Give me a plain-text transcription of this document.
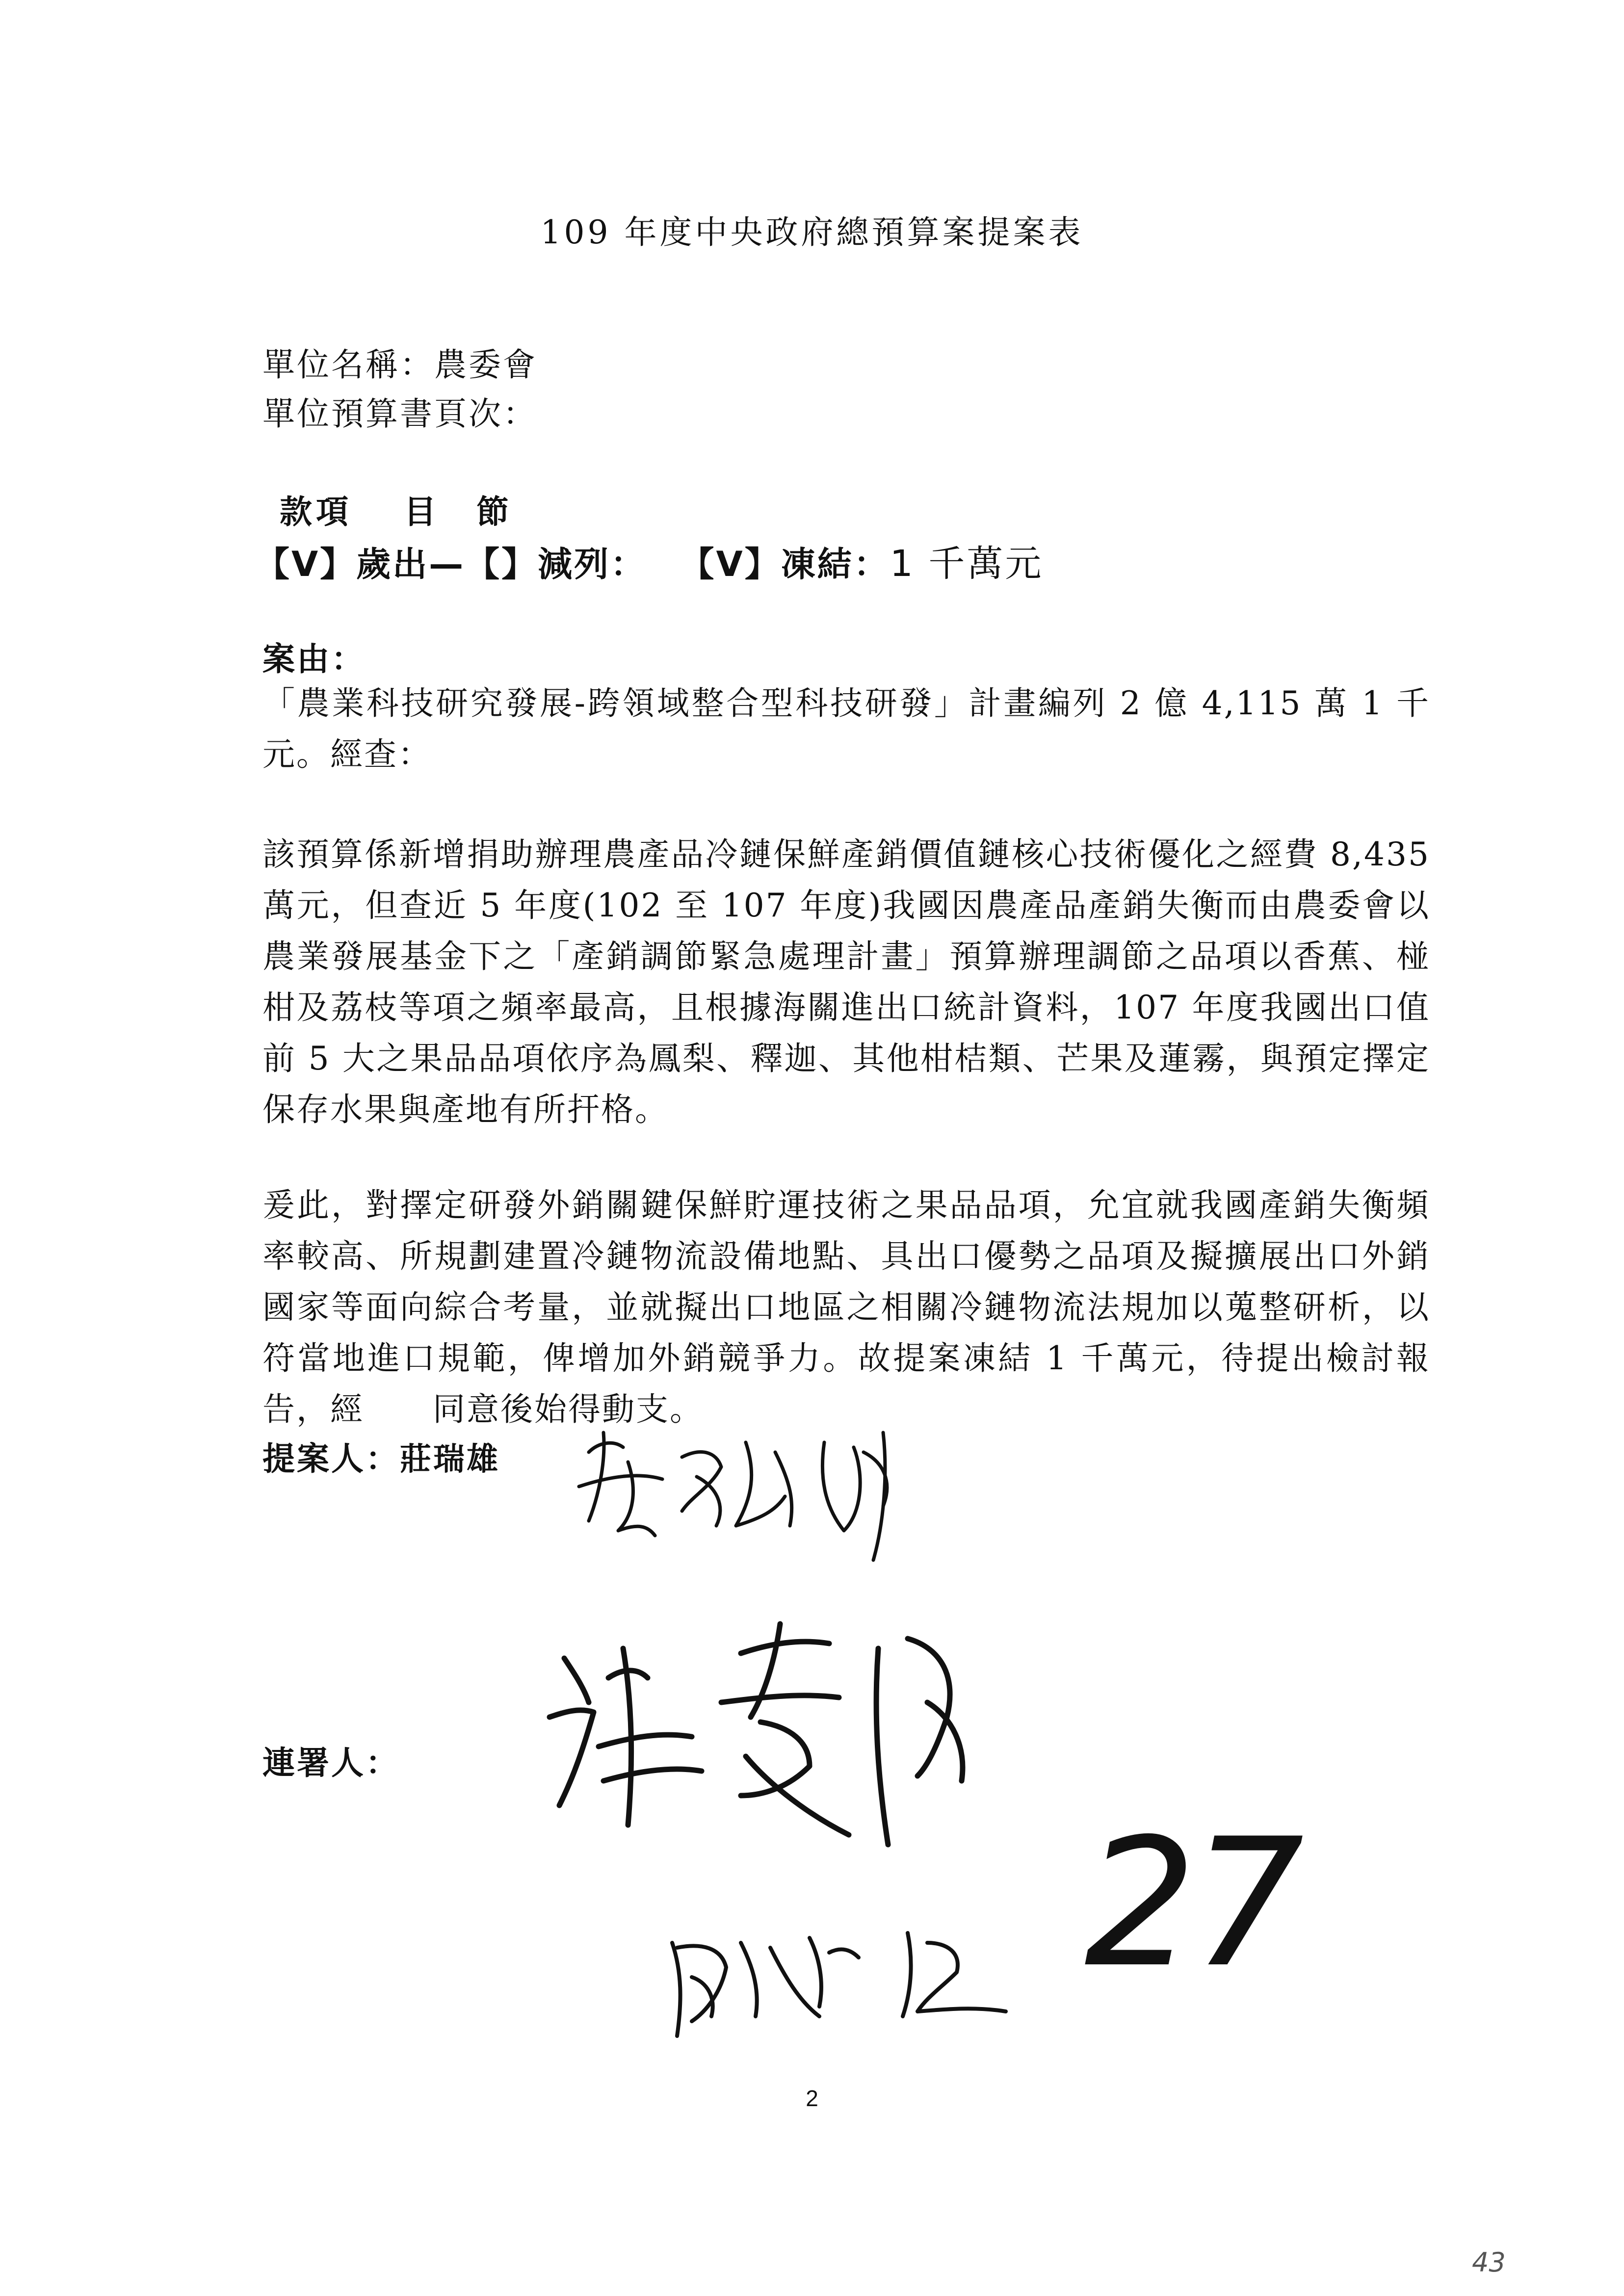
109 年度中央政府總預算案提案表
單位名稱：農委會
單位預算書頁次：
款項　 目　節
【V】歲出—【】減列：　 【V】凍結：1 千萬元
案由：

「農業科技研究發展-跨領域整合型科技研發」計畫編列 2 億 4,115 萬 1 千元。經查：

該預算係新增捐助辦理農產品冷鏈保鮮產銷價值鏈核心技術優化之經費 8,435 萬元，但查近 5 年度(102 至 107 年度)我國因農產品產銷失衡而由農委會以農業發展基金下之「產銷調節緊急處理計畫」預算辦理調節之品項以香蕉、椪柑及荔枝等項之頻率最高，且根據海關進出口統計資料，107 年度我國出口值前 5 大之果品品項依序為鳳梨、釋迦、其他柑桔類、芒果及蓮霧，與預定擇定保存水果與產地有所扞格。

爰此，對擇定研發外銷關鍵保鮮貯運技術之果品品項，允宜就我國產銷失衡頻率較高、所規劃建置冷鏈物流設備地點、具出口優勢之品項及擬擴展出口外銷國家等面向綜合考量，並就擬出口地區之相關冷鏈物流法規加以蒐整研析，以符當地進口規範，俾增加外銷競爭力。故提案凍結 1 千萬元，待提出檢討報告，經 同意後始得動支。

提案人：莊瑞雄
連署人：
27
2
43
